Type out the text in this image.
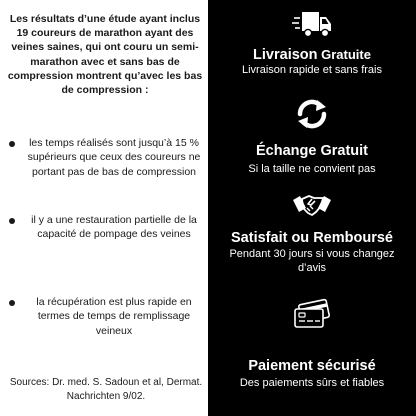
Les résultats d’une étude ayant inclus 19 coureurs de marathon ayant des veines saines, qui ont couru un semi-marathon avec et sans bas de compression montrent qu’avec les bas de compression :

les temps réalisés sont jusqu’à 15 % supérieurs que ceux des coureurs ne portant pas de bas de compression

il y a une restauration partielle de la capacité de pompage des veines

la récupération est plus rapide en termes de temps de remplissage veineux

Sources: Dr. med. S. Sadoun et al, Dermat. Nachrichten 9/02.

Livraison Gratuite

Livraison rapide et sans frais

Échange Gratuit

Si la taille ne convient pas

Satisfait ou Remboursé

Pendant 30 jours si vous changez d’avis

Paiement sécurisé

Des paiements sûrs et fiables
